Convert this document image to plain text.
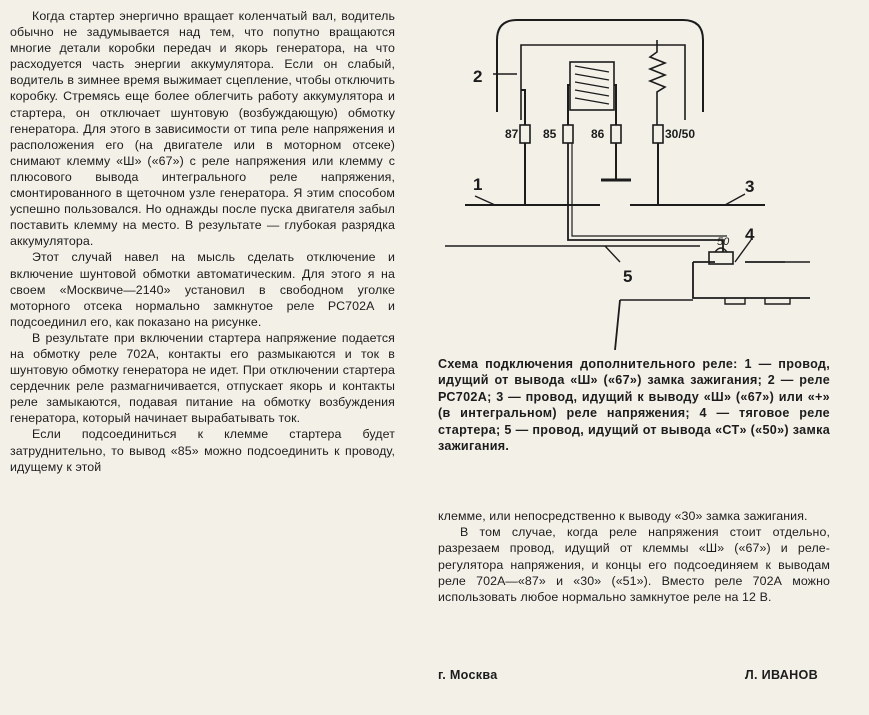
Когда стартер энергично вращает коленчатый вал, водитель обычно не задумывается над тем, что попутно вращаются многие детали коробки передач и якорь генератора, на что расходуется часть энергии аккумулятора. Если он слабый, водитель в зимнее время выжимает сцепление, чтобы отключить коробку. Стремясь еще более облегчить работу аккумулятора и стартера, он отключает шунтовую (возбуждающую) обмотку генератора. Для этого в зависимости от типа реле напряжения и расположения его (на двигателе или в моторном отсеке) снимают клемму «Ш» («67») с реле напряжения или клемму с плюсового вывода интегрального реле напряжения, смонтированного в щеточном узле генератора. Я этим способом успешно пользовался. Но однажды после пуска двигателя забыл поставить клемму на место. В результате — глубокая разрядка аккумулятора.

Этот случай навел на мысль сделать отключение и включение шунтовой обмотки автоматическим. Для этого я на своем «Москвиче—2140» установил в свободном уголке моторного отсека нормально замкнутое реле РС702А и подсоединил его, как показано на рисунке.

В результате при включении стартера напряжение подается на обмотку реле 702А, контакты его размыкаются и ток в шунтовую обмотку генератора не идет. При отключении стартера сердечник реле размагничивается, отпускает якорь и контакты реле замыкаются, подавая питание на обмотку возбуждения генератора, который начинает вырабатывать ток.

Если подсоединиться к клемме стартера будет затруднительно, то вывод «85» можно подсоединить к проводу, идущему к этой

87 85	86	30/50
2
1	3
4
5
50
Схема подключения дополнительного реле: 1 — провод, идущий от вывода «Ш» («67») замка зажигания; 2 — реле РС702А; 3 — провод, идущий к выводу «Ш» («67») или «+» (в интегральном) реле напряжения; 4 — тяговое реле стартера; 5 — провод, идущий от вывода «СТ» («50») замка зажигания.

клемме, или непосредственно к выводу «30» замка зажигания.

В том случае, когда реле напряжения стоит отдельно, разрезаем провод, идущий от клеммы «Ш» («67») и реле-регулятора напряжения, и концы его подсоединяем к выводам реле 702А—«87» и «30» («51»). Вместо реле 702А можно использовать любое нормально замкнутое реле на 12 В.

г. Москва	Л. ИВАНОВ
